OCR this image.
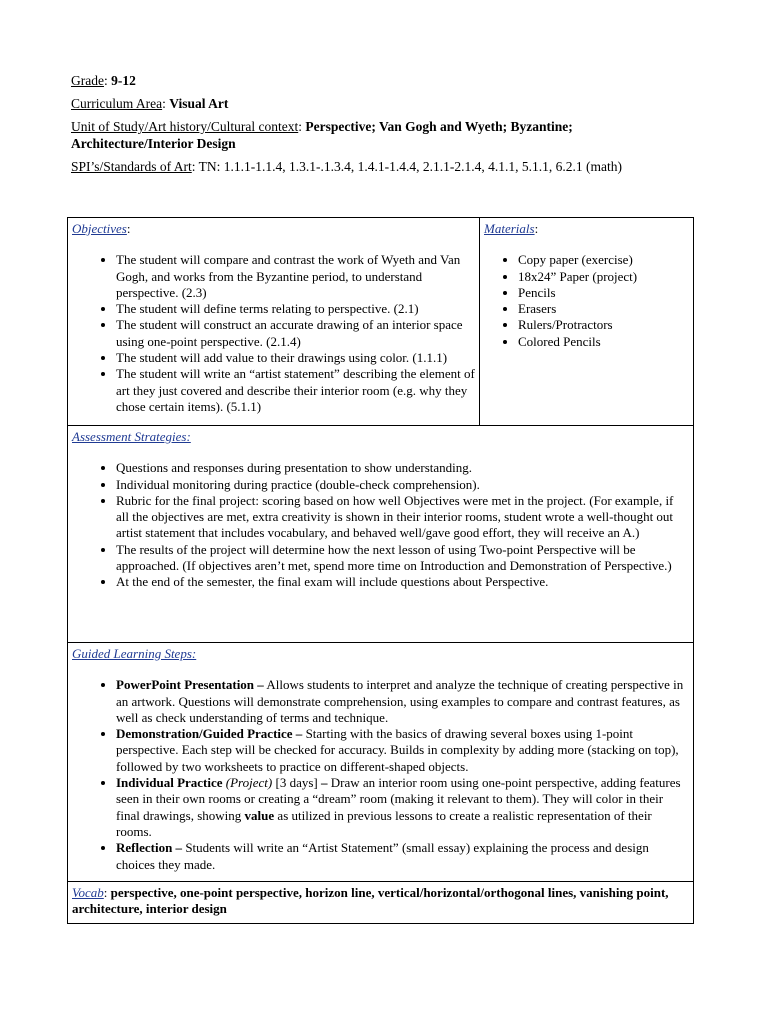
Grade: 9-12
Curriculum Area: Visual Art
Unit of Study/Art history/Cultural context: Perspective; Van Gogh and Wyeth; Byzantine;
Architecture/Interior Design
SPI’s/Standards of Art: TN: 1.1.1-1.1.4, 1.3.1-.1.3.4, 1.4.1-1.4.4, 2.1.1-2.1.4, 4.1.1, 5.1.1, 6.2.1 (math)
Objectives:
• The student will compare and contrast the work of Wyeth and Van Gogh, and works from the Byzantine period, to understand perspective. (2.3)
• The student will define terms relating to perspective. (2.1)
• The student will construct an accurate drawing of an interior space using one-point perspective. (2.1.4)
• The student will add value to their drawings using color. (1.1.1)
• The student will write an “artist statement” describing the element of art they just covered and describe their interior room (e.g. why they chose certain items). (5.1.1)
	Materials:
• Copy paper (exercise)
• 18x24” Paper (project)
• Pencils
• Erasers
• Rulers/Protractors
• Colored Pencils

Assessment Strategies:
• Questions and responses during presentation to show understanding.
• Individual monitoring during practice (double-check comprehension).
• Rubric for the final project: scoring based on how well Objectives were met in the project. (For example, if all the objectives are met, extra creativity is shown in their interior rooms, student wrote a well-thought out artist statement that includes vocabulary, and behaved well/gave good effort, they will receive an A.)
• The results of the project will determine how the next lesson of using Two-point Perspective will be approached. (If objectives aren’t met, spend more time on Introduction and Demonstration of Perspective.)
• At the end of the semester, the final exam will include questions about Perspective.

Guided Learning Steps:
• PowerPoint Presentation – Allows students to interpret and analyze the technique of creating perspective in an artwork. Questions will demonstrate comprehension, using examples to compare and contrast features, as well as check understanding of terms and technique.
• Demonstration/Guided Practice – Starting with the basics of drawing several boxes using 1-point perspective. Each step will be checked for accuracy. Builds in complexity by adding more (stacking on top), followed by two worksheets to practice on different-shaped objects.
• Individual Practice (Project) [3 days] – Draw an interior room using one-point perspective, adding features seen in their own rooms or creating a “dream” room (making it relevant to them). They will color in their final drawings, showing value as utilized in previous lessons to create a realistic representation of their rooms.
• Reflection – Students will write an “Artist Statement” (small essay) explaining the process and design choices they made.

Vocab: perspective, one-point perspective, horizon line, vertical/horizontal/orthogonal lines, vanishing point, architecture, interior design
